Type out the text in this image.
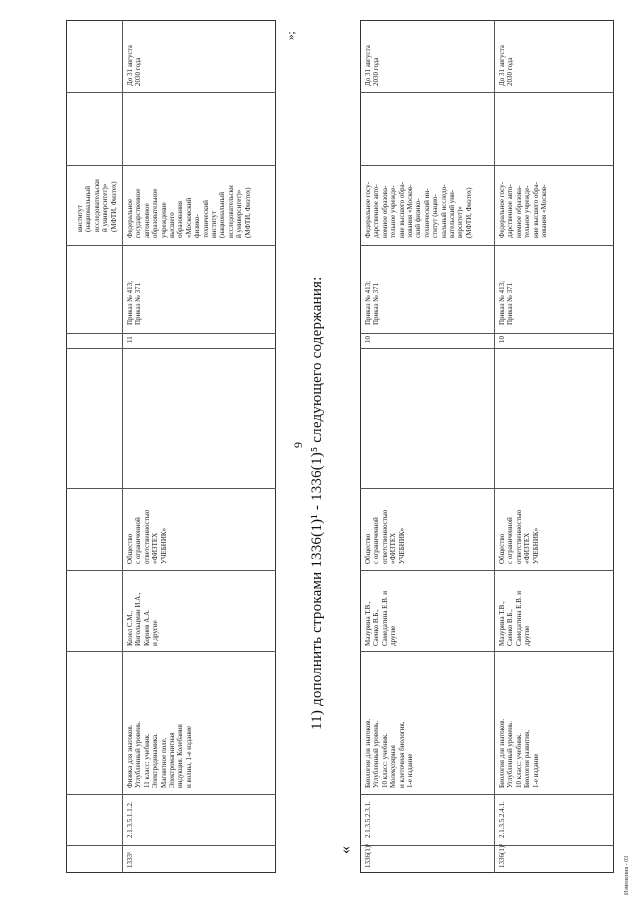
институт
(национальный
исследовательски
й университет)»
(МФТИ, Физтех)
1333¹
2.1.3.5.1.1.2.
Физика для знатоков.
Углубленный уровень.
11 класс: учебник.
Электродинамика.
Магнитное поле.
Электромагнитная
индукция. Колебания
и волны, 1-е издание
Козел С.М.,
Ингольцман И.А.,
Корнев А.А.
и другие
Общество
с ограниченной
ответственностью
«ФИЗТЕХ
УЧЕБНИК»
11
Приказ № 413;
Приказ № 371
Федеральное
государственное
автономное
образовательное
учреждение
высшего
образования
«Московский
физико-
технический
институт
(национальный
исследовательски
й университет)»
(МФТИ, Физтех)
До 31 августа
2030 года
»;
9 11) дополнить строками 1336(1)¹ - 1336(1)⁵ следующего содержания:
« 1336(1)¹
2.1.3.5.2.3.1.
Биология для знатоков.
Углубленный уровень.
10 класс: учебник.
Молекулярная
и клеточная биология,
1-е издание
Мазурина Т.В.,
Саенко В.Б.,
Самедатина Е.В. и
другие
Общество
с ограниченной
ответственностью
«ФИЗТЕХ
УЧЕБНИК»
10
Приказ № 413;
Приказ № 371
Федеральное госу-
дарственное авто-
номное образова-
тельное учрежде-
ние высшего обра-
зования «Москов-
ский физико-
технический ин-
ститут (нацио-
нальный исследо-
вательский уни-
верситет)»
(МФТИ, Физтех)
До 31 августа
2030 года
1336(1)²
2.1.3.5.2.4.1.
Биология для знатоков.
Углубленный уровень.
10 класс: учебник.
Биология развития,
1-е издание
Мазурина Т.В.,
Саенко В.Б.,
Самедатина Е.В. и
другие
Общество
с ограниченной
ответственностью
«ФИЗТЕХ
УЧЕБНИК»
10
Приказ № 413;
Приказ № 371
Федеральное госу-
дарственное авто-
номное образова-
тельное учрежде-
ние высшего обра-
зования «Москов-
До 31 августа
2030 года
Изменения - 03
